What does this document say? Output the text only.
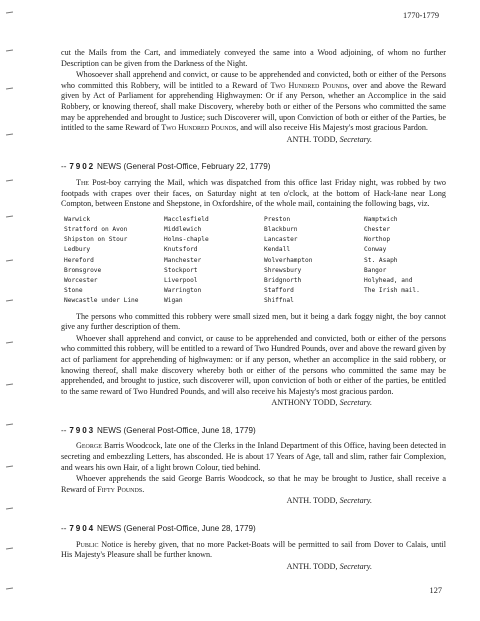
1770-1779

cut the Mails from the Cart, and immediately conveyed the same into a Wood adjoining, of whom no further Description can be given from the Darkness of the Night.

Whosoever shall apprehend and convict, or cause to be apprehended and convicted, both or either of the Persons who committed this Robbery, will be intitled to a Reward of Two Hundred Pounds, over and above the Reward given by Act of Parliament for apprehending Highwaymen: Or if any Person, whether an Accomplice in the said Robbery, or knowing thereof, shall make Discovery, whereby both or either of the Persons who committed the same may be apprehended and brought to Justice; such Discoverer will, upon Conviction of both or either of the Parties, be intitled to the same Reward of Two Hundred Pounds, and will also receive His Majesty's most gracious Pardon.

ANTH. TODD, Secretary.

-- 7902 NEWS (General Post-Office, February 22, 1779)

The Post-boy carrying the Mail, which was dispatched from this office last Friday night, was robbed by two footpads with crapes over their faces, on Saturday night at ten o'clock, at the bottom of Hack-lane near Long Compton, between Enstone and Shepstone, in Oxfordshire, of the whole mail, containing the following bags, viz.

Warwick	Macclesfield	Preston	Namptwich
Stratford on Avon	Middlewich	Blackburn	Chester
Shipston on Stour	Holms-chaple	Lancaster	Northop
Ledbury	Knutsford	Kendall	Conway
Hereford	Manchester	Wolverhampton	St. Asaph
Bromsgrove	Stockport	Shrewsbury	Bangor
Worcester	Liverpool	Bridgnorth	Holyhead, and
Stone	Warrington	Stafford	The Irish mail.
Newcastle under Line	Wigan	Shiffnal	

The persons who committed this robbery were small sized men, but it being a dark foggy night, the boy cannot give any further description of them.

Whoever shall apprehend and convict, or cause to be apprehended and convicted, both or either of the persons who committed this robbery, will be entitled to a reward of Two Hundred Pounds, over and above the reward given by act of parliament for apprehending of highwaymen: or if any person, whether an accomplice in the said robbery, or knowing thereof, shall make discovery whereby both or either of the persons who committed the same may be apprehended, and brought to justice, such discoverer will, upon conviction of both or either of the parties, be entitled to the same reward of Two Hundred Pounds, and will also receive his Majesty's most gracious pardon.

ANTHONY TODD, Secretary.

-- 7903 NEWS (General Post-Office, June 18, 1779)

George Barris Woodcock, late one of the Clerks in the Inland Department of this Office, having been detected in secreting and embezzling Letters, has absconded. He is about 17 Years of Age, tall and slim, rather fair Complexion, and wears his own Hair, of a light brown Colour, tied behind.

Whoever apprehends the said George Barris Woodcock, so that he may be brought to Justice, shall receive a Reward of Fifty Pounds.

ANTH. TODD, Secretary.

-- 7904 NEWS (General Post-Office, June 28, 1779)

Public Notice is hereby given, that no more Packet-Boats will be permitted to sail from Dover to Calais, until His Majesty's Pleasure shall be further known.

ANTH. TODD, Secretary.

127
